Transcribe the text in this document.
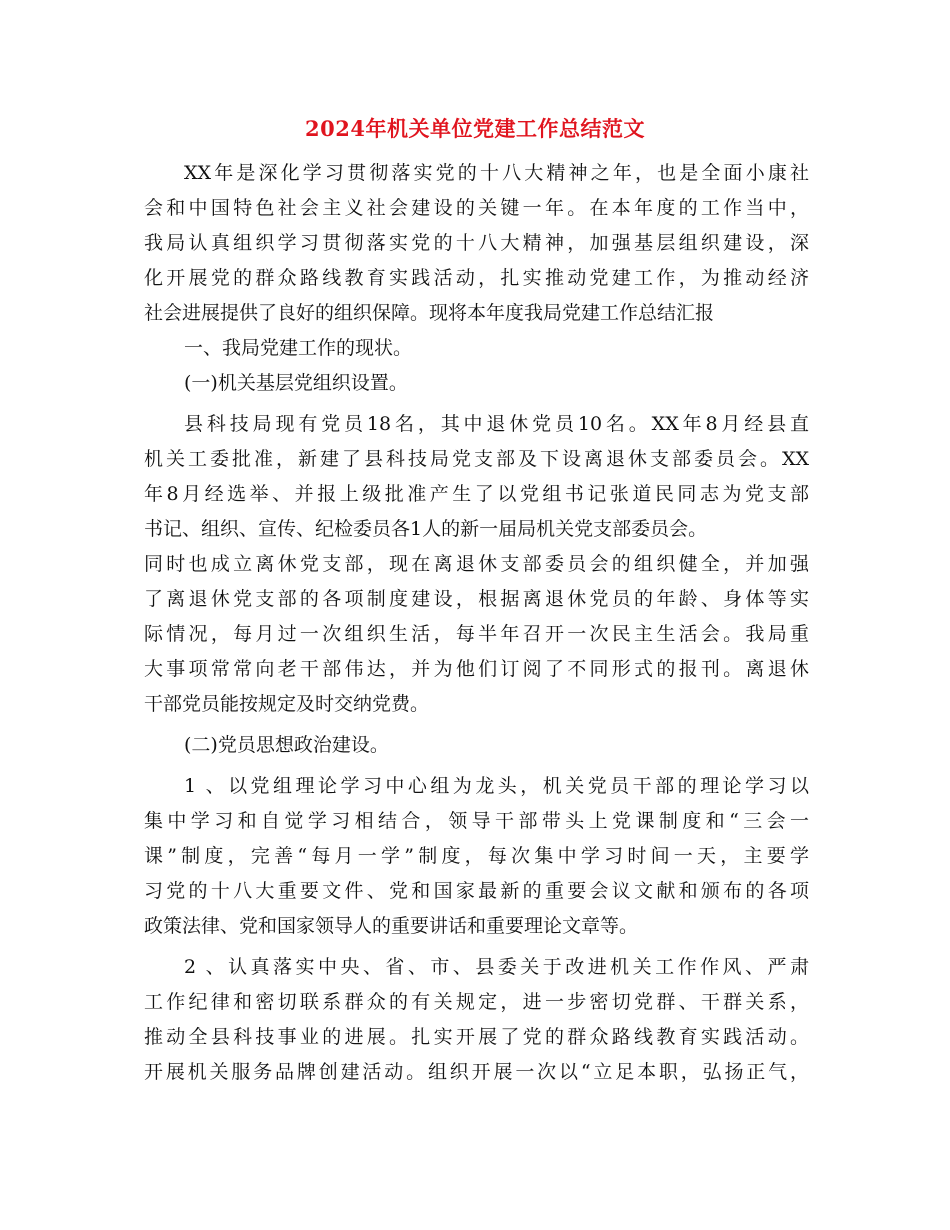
2024年机关单位党建工作总结范文
XX年是深化学习贯彻落实党的十八大精神之年，也是全面小康社
会和中国特色社会主义社会建设的关键一年。在本年度的工作当中，
我局认真组织学习贯彻落实党的十八大精神，加强基层组织建设，深
化开展党的群众路线教育实践活动，扎实推动党建工作，为推动经济
社会进展提供了良好的组织保障。现将本年度我局党建工作总结汇报
一、我局党建工作的现状。
(一)机关基层党组织设置。
县科技局现有党员18名，其中退休党员10名。XX年8月经县直
机关工委批准，新建了县科技局党支部及下设离退休支部委员会。XX
年8月经选举、并报上级批准产生了以党组书记张道民同志为党支部
书记、组织、宣传、纪检委员各1人的新一届局机关党支部委员会。
同时也成立离休党支部，现在离退休支部委员会的组织健全，并加强
了离退休党支部的各项制度建设，根据离退休党员的年龄、身体等实
际情况，每月过一次组织生活，每半年召开一次民主生活会。我局重
大事项常常向老干部伟达，并为他们订阅了不同形式的报刊。离退休
干部党员能按规定及时交纳党费。
(二)党员思想政治建设。
1 、以党组理论学习中心组为龙头，机关党员干部的理论学习以
集中学习和自觉学习相结合，领导干部带头上党课制度和“三会一
课”制度，完善“每月一学”制度，每次集中学习时间一天，主要学
习党的十八大重要文件、党和国家最新的重要会议文献和颁布的各项
政策法律、党和国家领导人的重要讲话和重要理论文章等。
2 、认真落实中央、省、市、县委关于改进机关工作作风、严肃
工作纪律和密切联系群众的有关规定，进一步密切党群、干群关系，
推动全县科技事业的进展。扎实开展了党的群众路线教育实践活动。
开展机关服务品牌创建活动。组织开展一次以“立足本职，弘扬正气，
